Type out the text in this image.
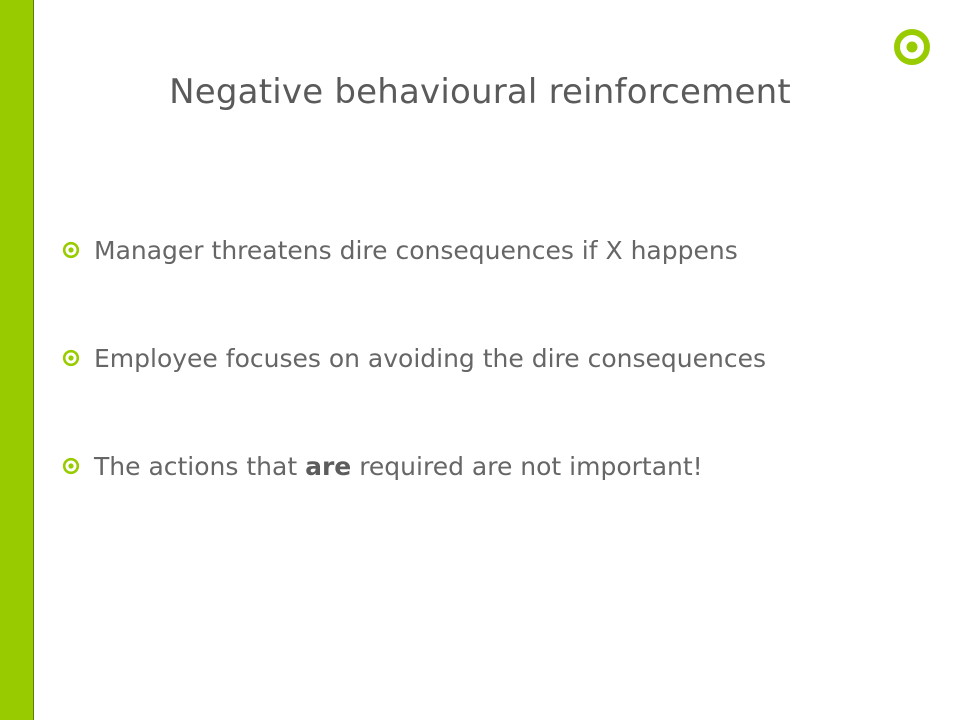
Negative behavioural reinforcement
Manager threatens dire consequences if X happens
Employee focuses on avoiding the dire consequences
The actions that are required are not important!
